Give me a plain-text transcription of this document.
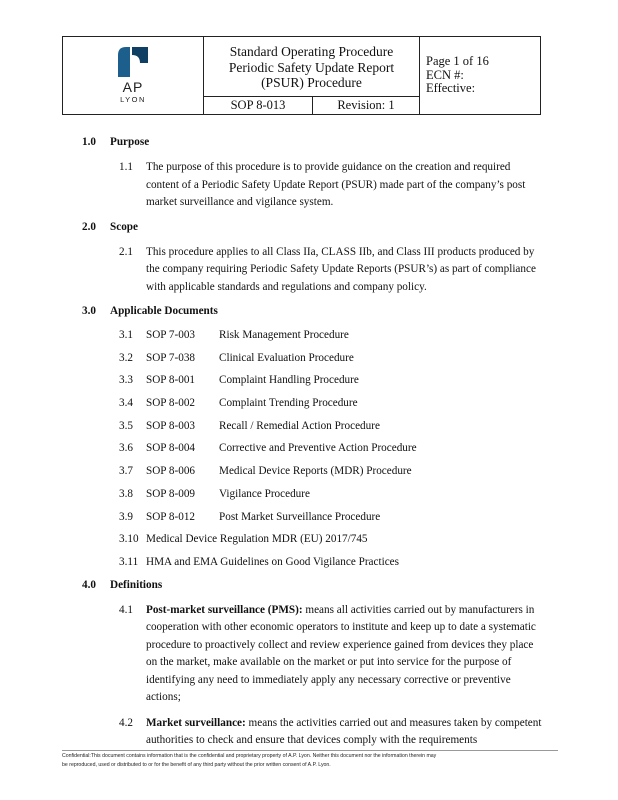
AP
LYON
Standard Operating Procedure
Periodic Safety Update Report
(PSUR) Procedure
SOP 8-013	Revision: 1
Page 1 of 16
ECN #:
Effective:
1.0	Purpose
1.1	The purpose of this procedure is to provide guidance on the creation and required content of a Periodic Safety Update Report (PSUR) made part of the company’s post market surveillance and vigilance system.
2.0	Scope
2.1	This procedure applies to all Class IIa, CLASS IIb, and Class III products produced by the company requiring Periodic Safety Update Reports (PSUR’s) as part of compliance with applicable standards and regulations and company policy.
3.0	Applicable Documents
3.1	SOP 7-003	Risk Management Procedure
3.2	SOP 7-038	Clinical Evaluation Procedure
3.3	SOP 8-001	Complaint Handling Procedure
3.4	SOP 8-002	Complaint Trending Procedure
3.5	SOP 8-003	Recall / Remedial Action Procedure
3.6	SOP 8-004	Corrective and Preventive Action Procedure
3.7	SOP 8-006	Medical Device Reports (MDR) Procedure
3.8	SOP 8-009	Vigilance Procedure
3.9	SOP 8-012	Post Market Surveillance Procedure
3.10 Medical Device Regulation MDR (EU) 2017/745
3.11 HMA and EMA Guidelines on Good Vigilance Practices
4.0	Definitions
4.1	Post-market surveillance (PMS): means all activities carried out by manufacturers in cooperation with other economic operators to institute and keep up to date a systematic procedure to proactively collect and review experience gained from devices they place on the market, make available on the market or put into service for the purpose of identifying any need to immediately apply any necessary corrective or preventive actions;
4.2	Market surveillance: means the activities carried out and measures taken by competent authorities to check and ensure that devices comply with the requirements
Confidential:This document contains information that is the confidential and proprietary property of A.P. Lyon. Neither this document nor the information therein may
be reproduced, used or distributed to or for the benefit of any third party without the prior written consent of A.P. Lyon.
